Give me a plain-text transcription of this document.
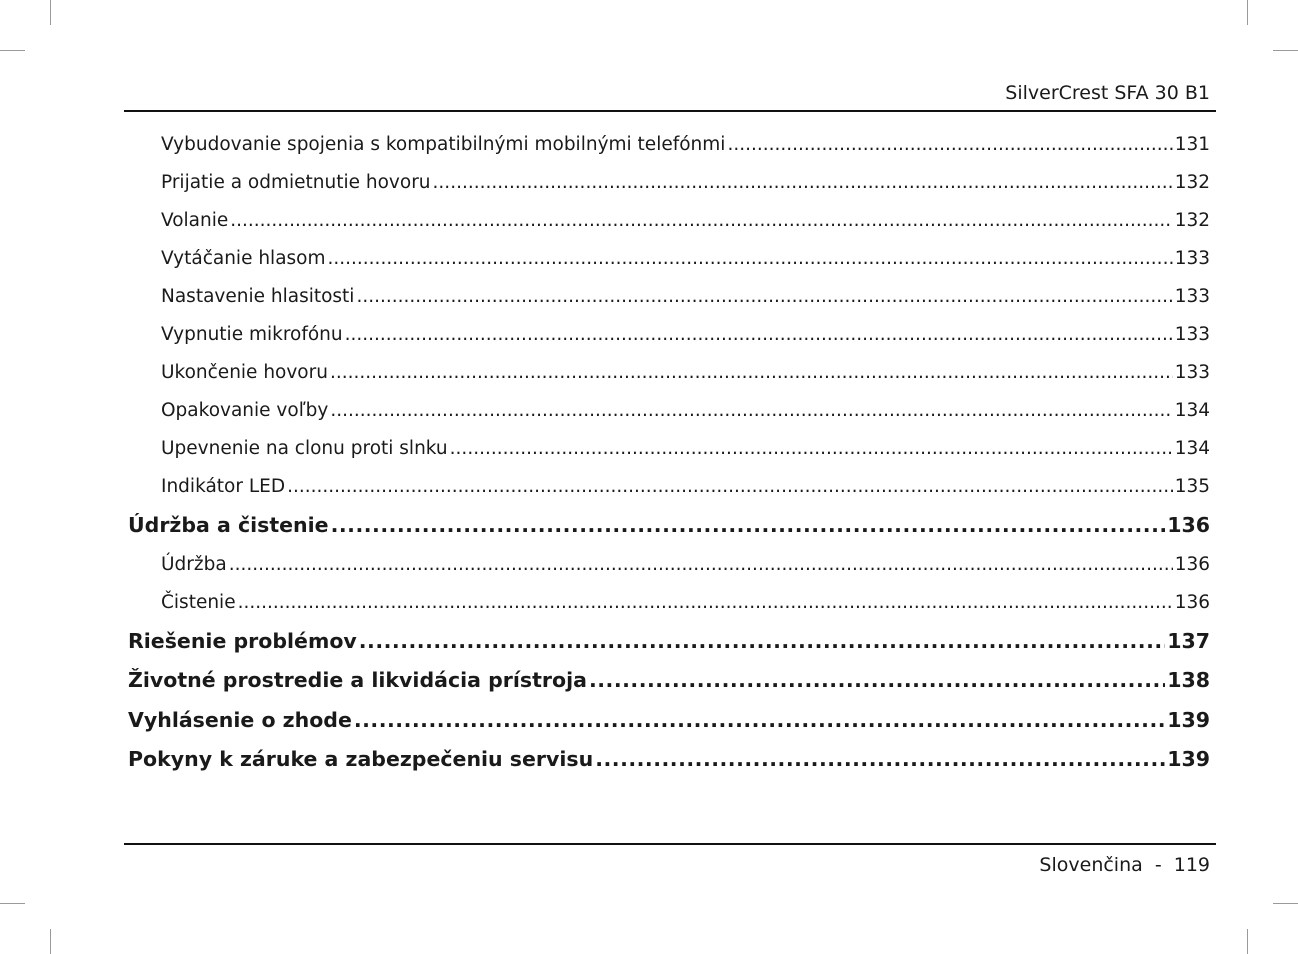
SilverCrest SFA 30 B1
Vybudovanie spojenia s kompatibilnými mobilnými telefónmi .....	131
Prijatie a odmietnutie hovoru .....	132
Volanie .....	132
Vytáčanie hlasom .....	133
Nastavenie hlasitosti .....	133
Vypnutie mikrofónu .....	133
Ukončenie hovoru .....	133
Opakovanie voľby .....	134
Upevnenie na clonu proti slnku .....	134
Indikátor LED .....	135
Údržba a čistenie .....	136
Údržba .....	136
Čistenie .....	136
Riešenie problémov .....	137
Životné prostredie a likvidácia prístroja .....	138
Vyhlásenie o zhode .....	139
Pokyny k záruke a zabezpečeniu servisu .....	139
Slovenčina - 119
